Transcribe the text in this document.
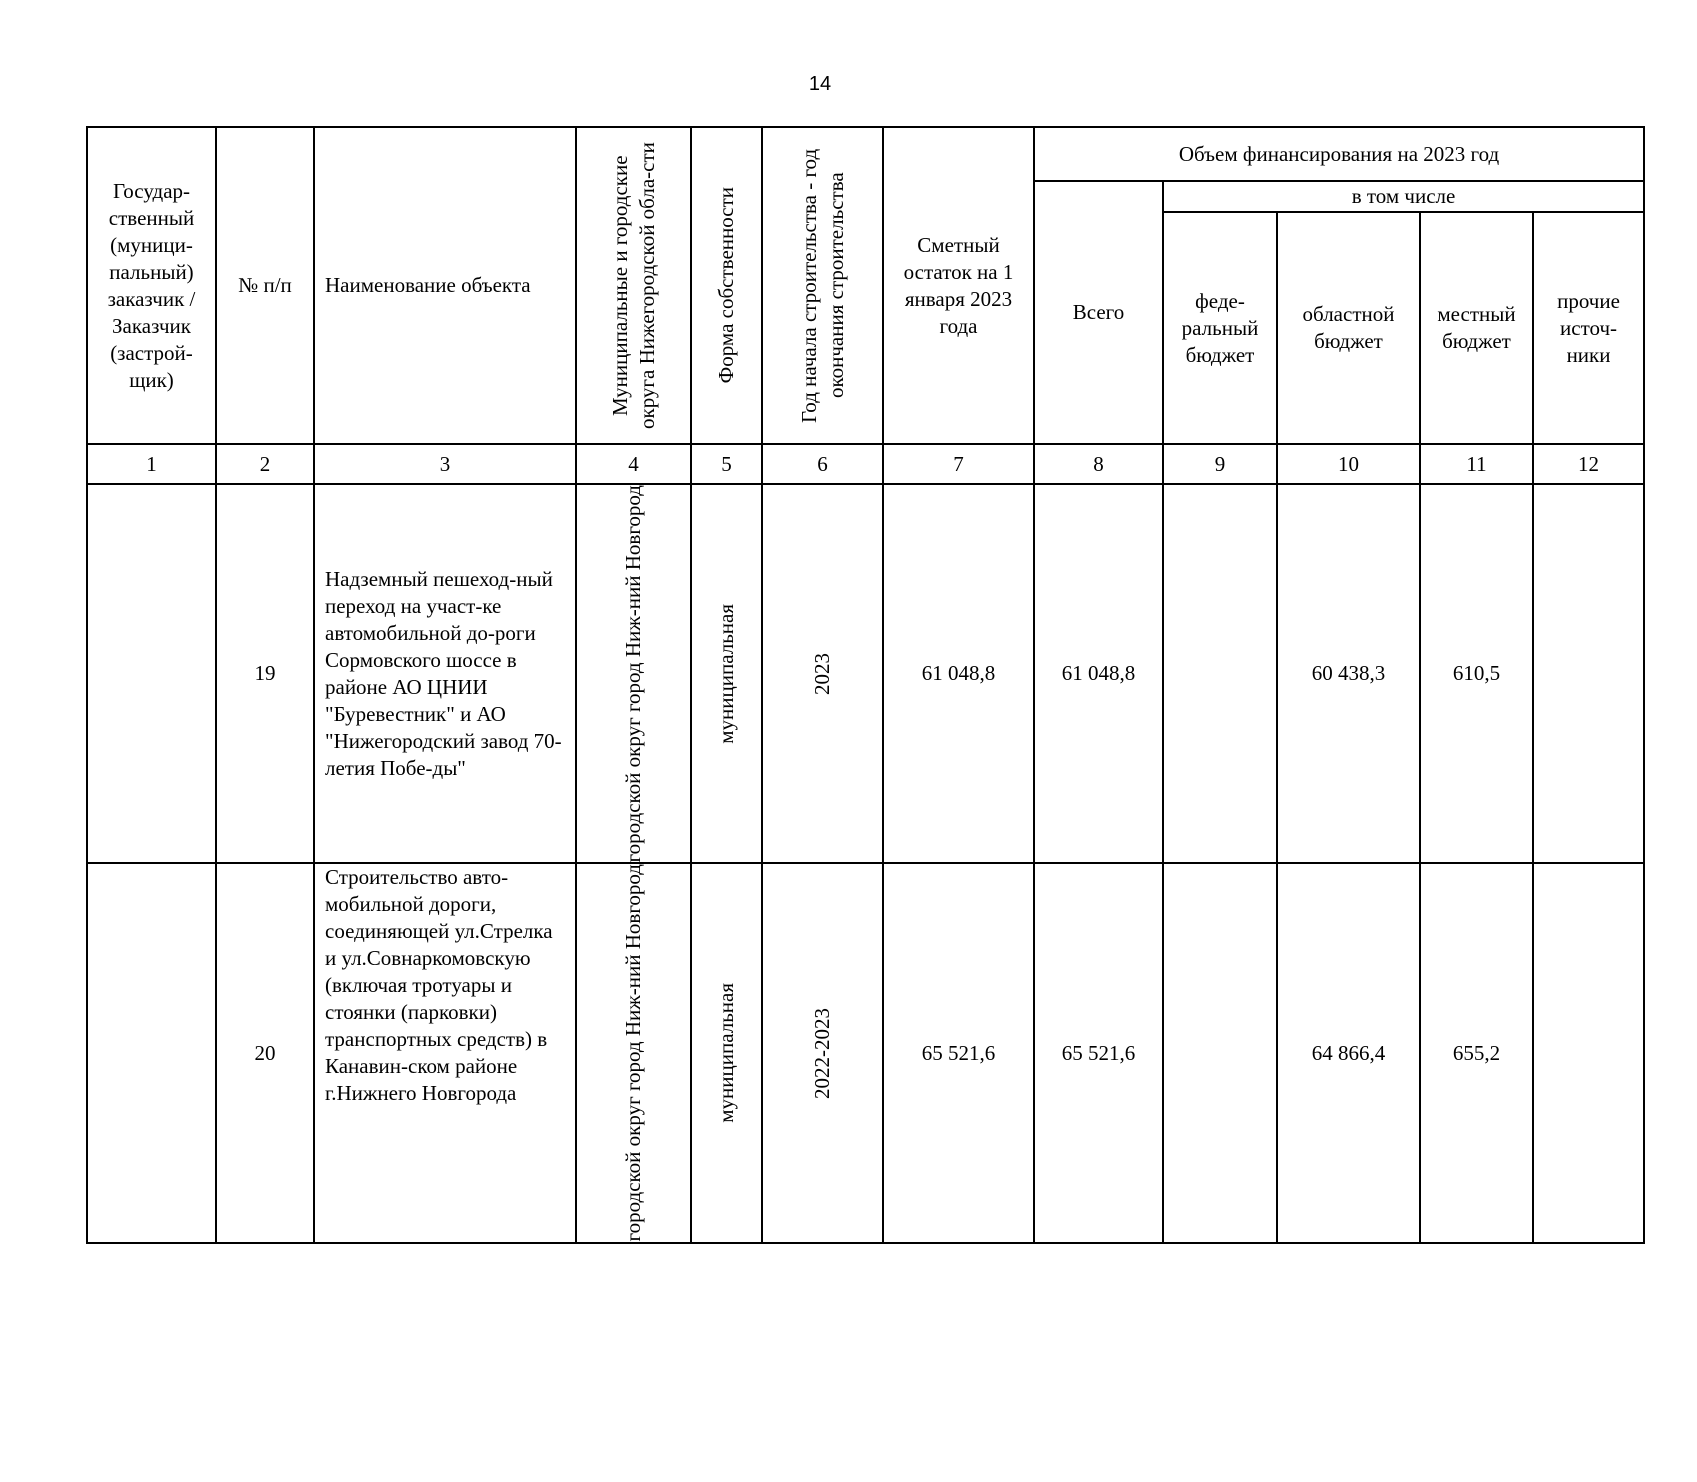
14
Государ-ственный (муници-пальный) заказчик / Заказчик (застрой-щик)	№ п/п	Наименование объекта	Муниципальные и городские округа Нижегородской обла-сти	Форма собственности	Год начала строительства - год окончания строительства	Сметный остаток на 1 января 2023 года	Объем финансирования на 2023 год				
							Всего	в том числе			
								феде-ральный бюджет	областной бюджет	местный бюджет	прочие источ-ники
1	2	3	4	5	6	7	8	9	10	11	12
	19	Надземный пешеход-ный переход на участ-ке автомобильной до-роги Сормовского шоссе в районе АО ЦНИИ "Буревестник" и АО "Нижегородский завод 70-летия Побе-ды"	городской округ город Ниж-ний Новгород	муниципальная	2023	61 048,8	61 048,8		60 438,3	610,5	
	20	Строительство авто-мобильной дороги, соединяющей ул.Стрелка и ул.Совнаркомовскую (включая тротуары и стоянки (парковки) транспортных средств) в Канавин-ском районе г.Нижнего Новгорода	городской округ город Ниж-ний Новгород	муниципальная	2022-2023	65 521,6	65 521,6		64 866,4	655,2	
